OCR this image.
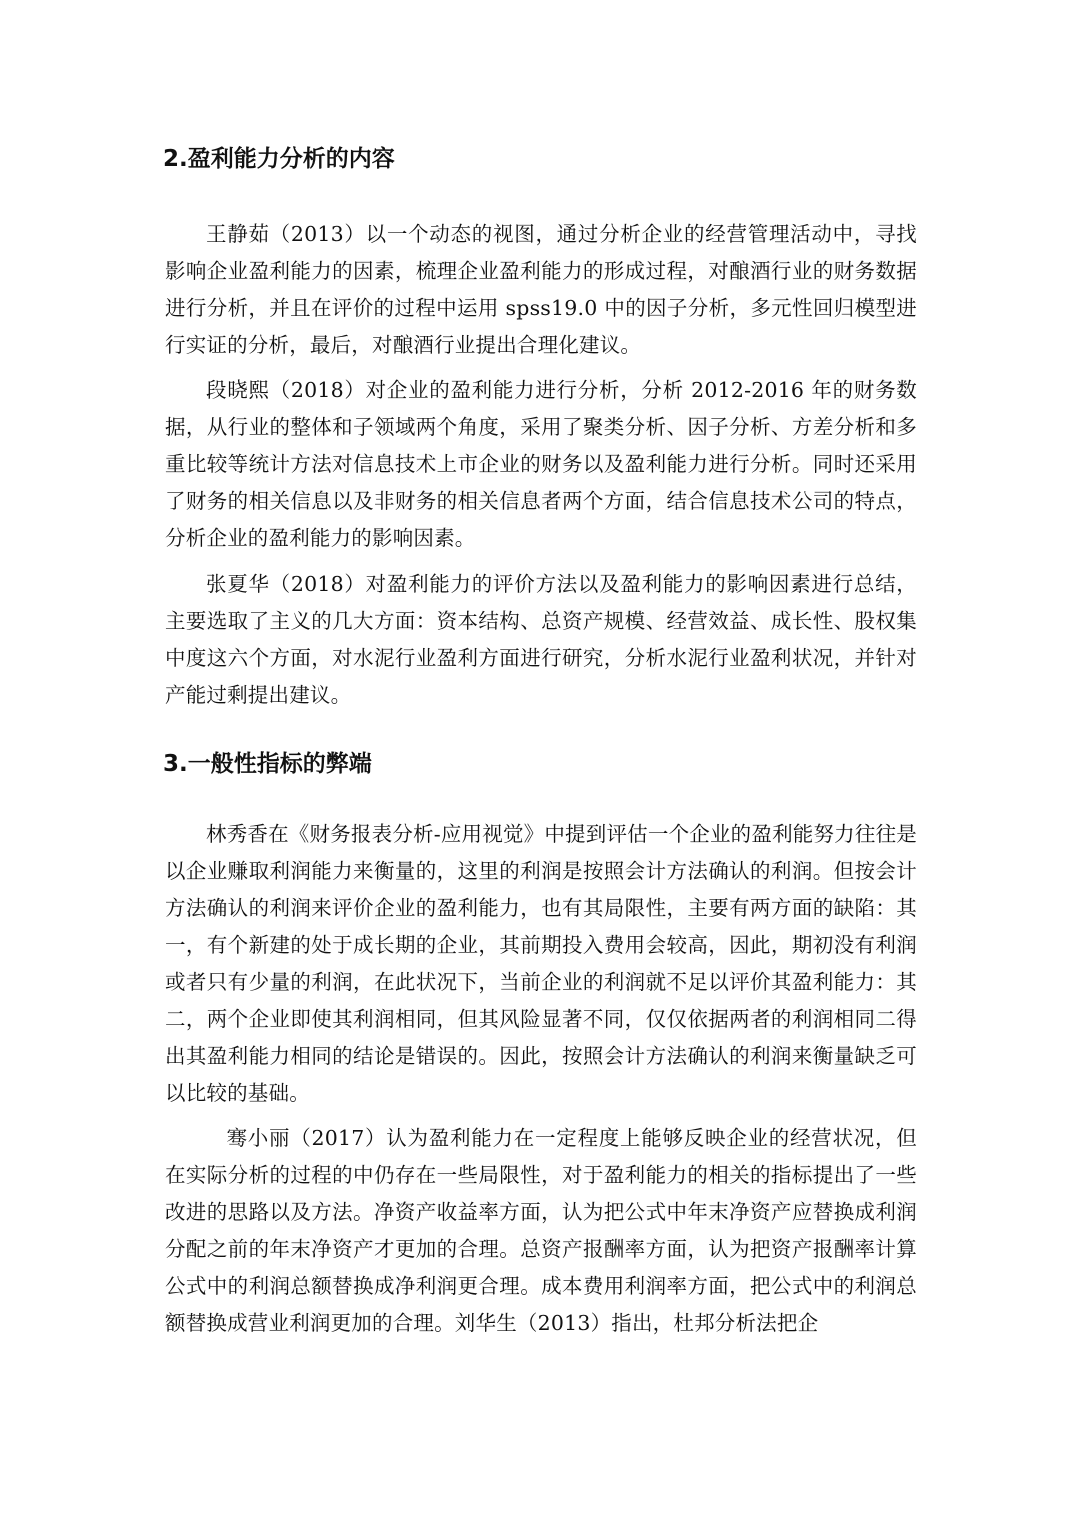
2.盈利能力分析的内容

王静茹（2013）以一个动态的视图，通过分析企业的经营管理活动中，寻找影响企业盈利能力的因素，梳理企业盈利能力的形成过程，对酿酒行业的财务数据进行分析，并且在评价的过程中运用 spss19.0 中的因子分析，多元性回归模型进行实证的分析，最后，对酿酒行业提出合理化建议。

段晓熙（2018）对企业的盈利能力进行分析，分析 2012-2016 年的财务数据，从行业的整体和子领域两个角度，采用了聚类分析、因子分析、方差分析和多重比较等统计方法对信息技术上市企业的财务以及盈利能力进行分析。同时还采用了财务的相关信息以及非财务的相关信息者两个方面，结合信息技术公司的特点，分析企业的盈利能力的影响因素。

张夏华（2018）对盈利能力的评价方法以及盈利能力的影响因素进行总结，主要选取了主义的几大方面：资本结构、总资产规模、经营效益、成长性、股权集中度这六个方面，对水泥行业盈利方面进行研究，分析水泥行业盈利状况，并针对产能过剩提出建议。

3.一般性指标的弊端

林秀香在《财务报表分析-应用视觉》中提到评估一个企业的盈利能努力往往是以企业赚取利润能力来衡量的，这里的利润是按照会计方法确认的利润。但按会计方法确认的利润来评价企业的盈利能力，也有其局限性，主要有两方面的缺陷：其一，有个新建的处于成长期的企业，其前期投入费用会较高，因此，期初没有利润或者只有少量的利润，在此状况下，当前企业的利润就不足以评价其盈利能力：其二，两个企业即使其利润相同，但其风险显著不同，仅仅依据两者的利润相同二得出其盈利能力相同的结论是错误的。因此，按照会计方法确认的利润来衡量缺乏可以比较的基础。

骞小丽（2017）认为盈利能力在一定程度上能够反映企业的经营状况，但在实际分析的过程的中仍存在一些局限性，对于盈利能力的相关的指标提出了一些改进的思路以及方法。净资产收益率方面，认为把公式中年末净资产应替换成利润分配之前的年末净资产才更加的合理。总资产报酬率方面，认为把资产报酬率计算公式中的利润总额替换成净利润更合理。成本费用利润率方面，把公式中的利润总额替换成营业利润更加的合理。刘华生（2013）指出，杜邦分析法把企
